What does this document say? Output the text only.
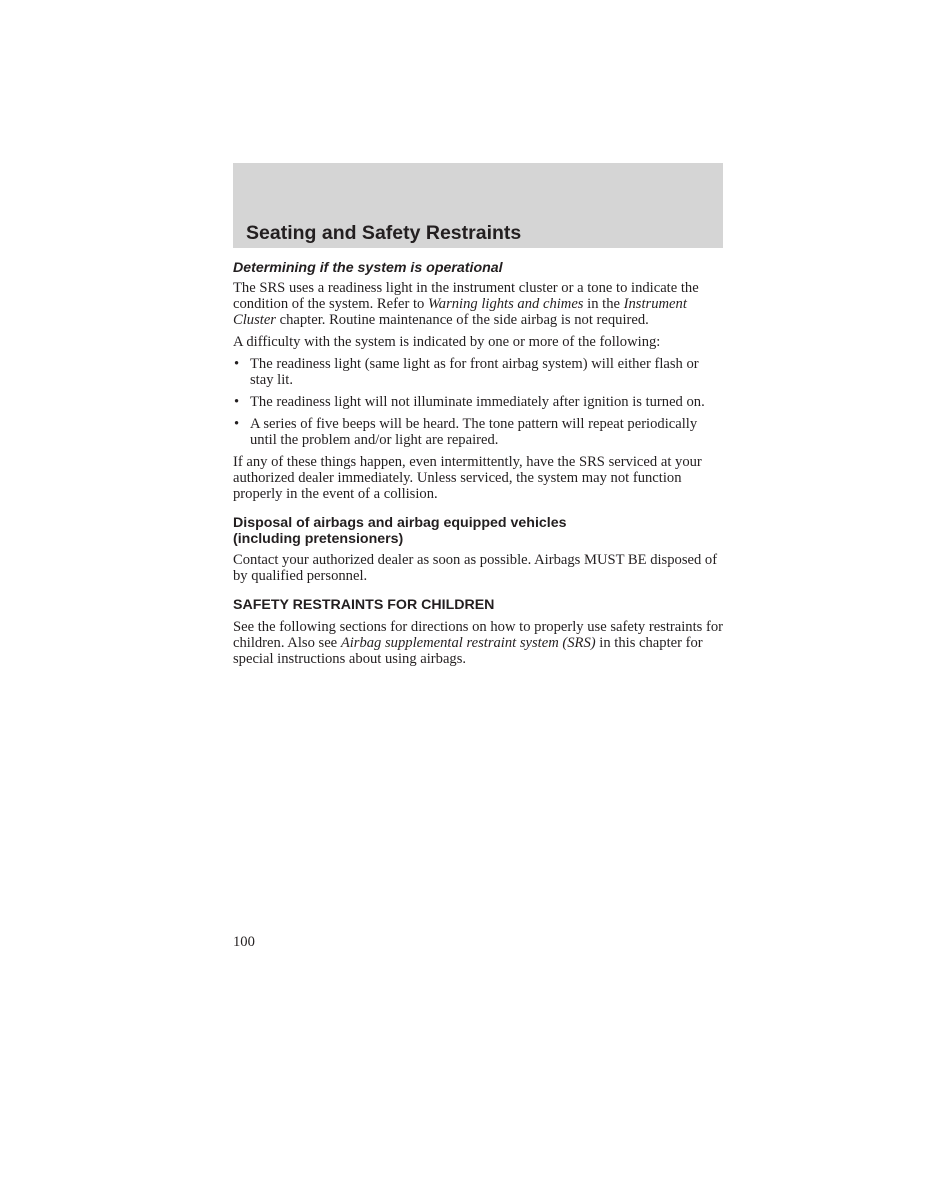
Seating and Safety Restraints
Determining if the system is operational

The SRS uses a readiness light in the instrument cluster or a tone to indicate the condition of the system. Refer to Warning lights and chimes in the Instrument Cluster chapter. Routine maintenance of the side airbag is not required.

A difficulty with the system is indicated by one or more of the following:

• The readiness light (same light as for front airbag system) will either flash or stay lit.
• The readiness light will not illuminate immediately after ignition is turned on.
• A series of five beeps will be heard. The tone pattern will repeat periodically until the problem and/or light are repaired.

If any of these things happen, even intermittently, have the SRS serviced at your authorized dealer immediately. Unless serviced, the system may not function properly in the event of a collision.

Disposal of airbags and airbag equipped vehicles
(including pretensioners)

Contact your authorized dealer as soon as possible. Airbags MUST BE disposed of by qualified personnel.

SAFETY RESTRAINTS FOR CHILDREN

See the following sections for directions on how to properly use safety restraints for children. Also see Airbag supplemental restraint system (SRS) in this chapter for special instructions about using airbags.

100
